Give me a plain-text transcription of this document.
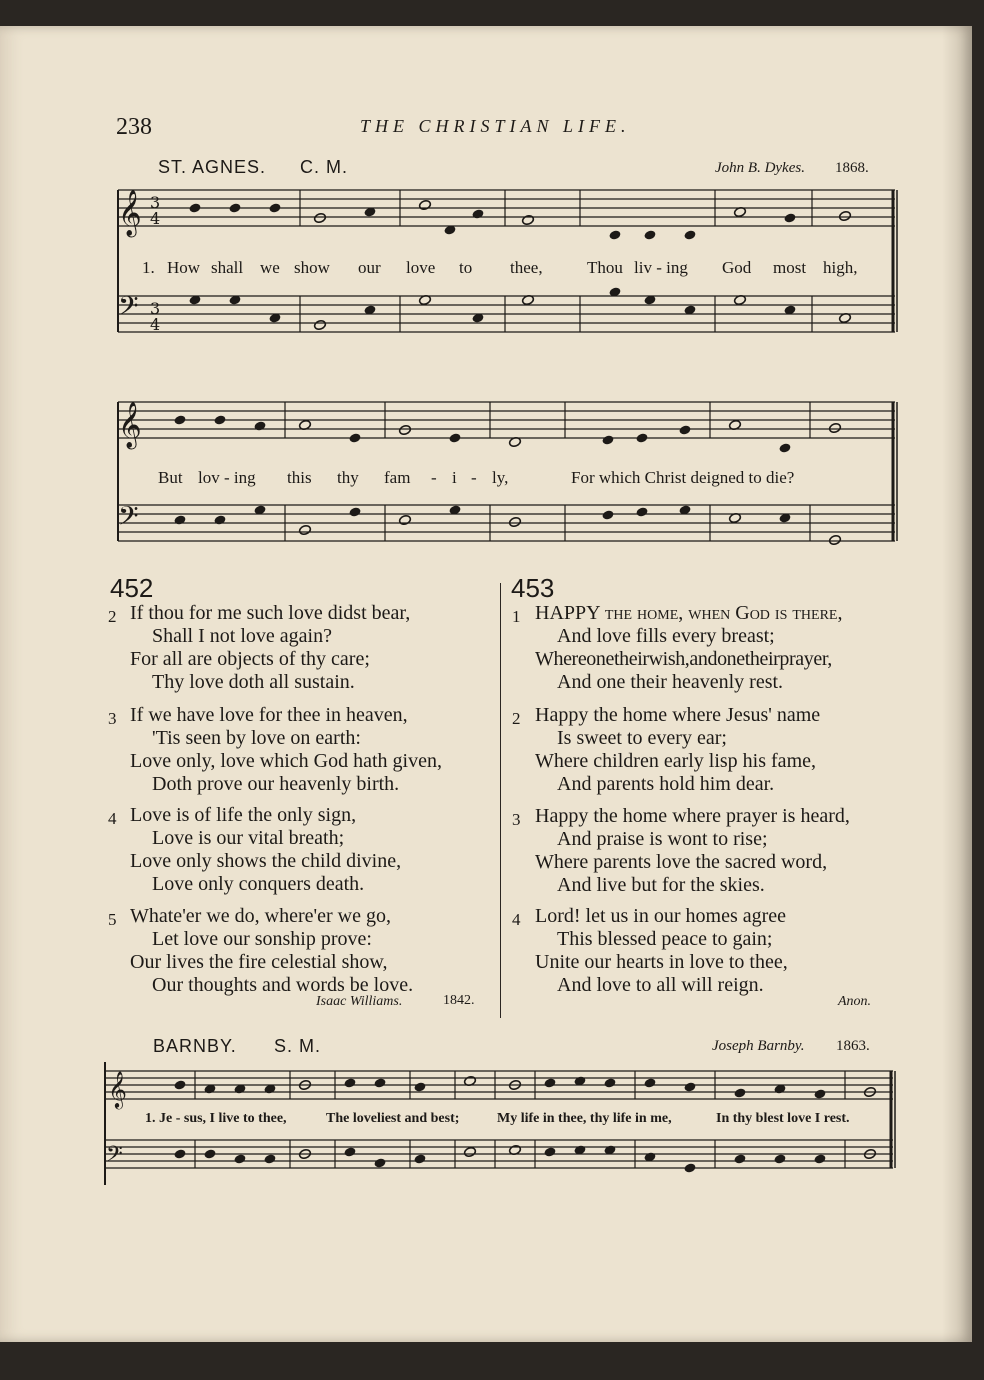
𝄞
𝄢
3
4
3
4
𝄞
𝄢
𝄞
𝄢
238	THE CHRISTIAN LIFE.
ST. AGNES. C. M.	John B. Dykes. 1868.
1. How shall we show our love to thee,	Thou liv - ing God most high,
But lov - ing this thy fam - i - ly,	For which Christ deigned to die?
452	453
2 If thou for me such love didst bear,
Shall I not love again?
For all are objects of thy care;
Thy love doth all sustain.
3 If we have love for thee in heaven,
'Tis seen by love on earth:
Love only, love which God hath given,
Doth prove our heavenly birth.
4 Love is of life the only sign,
Love is our vital breath;
Love only shows the child divine,
Love only conquers death.
5 Whate'er we do, where'er we go,
Let love our sonship prove:
Our lives the fire celestial show,
Our thoughts and words be love.
Isaac Williams.	1842.
1 HAPPY the home, when God is there,
And love fills every breast;
Whereonetheirwish,andonetheirprayer,
And one their heavenly rest.
2 Happy the home where Jesus' name
Is sweet to every ear;
Where children early lisp his fame,
And parents hold him dear.
3 Happy the home where prayer is heard,
And praise is wont to rise;
Where parents love the sacred word,
And live but for the skies.
4 Lord! let us in our homes agree
This blessed peace to gain;
Unite our hearts in love to thee,
And love to all will reign.
Anon.
BARNBY. S. M.	Joseph Barnby. 1863.
1. Je - sus, I live to thee,	The loveliest and best;	My life in thee, thy life in me,	In thy blest love I rest.
